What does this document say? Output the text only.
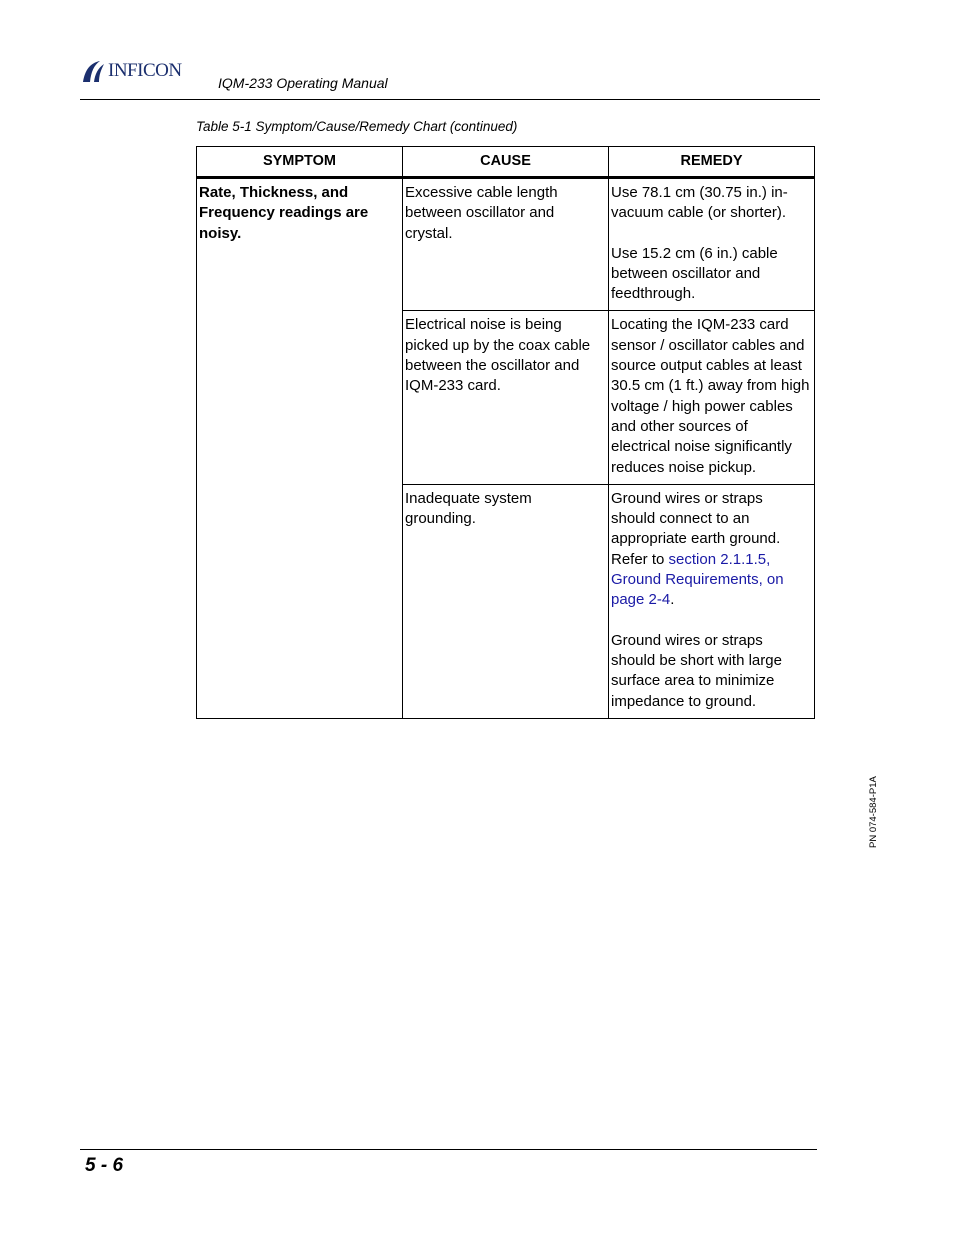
INFICON
IQM-233 Operating Manual
Table 5-1 Symptom/Cause/Remedy Chart (continued)
SYMPTOM	CAUSE	REMEDY
Rate, Thickness, and Frequency readings are noisy.	Excessive cable length between oscillator and crystal.	Use 78.1 cm (30.75 in.) in-vacuum cable (or shorter).
Use 15.2 cm (6 in.) cable between oscillator and feedthrough.

	Electrical noise is being picked up by the coax cable between the oscillator and IQM-233 card.	Locating the IQM-233 card sensor / oscillator cables and source output cables at least 30.5 cm (1 ft.) away from high voltage / high power cables and other sources of electrical noise significantly reduces noise pickup.

	Inadequate system grounding.	Ground wires or straps should connect to an appropriate earth ground. Refer to section 2.1.1.5, Ground Requirements, on page 2-4.
Ground wires or straps should be short with large surface area to minimize impedance to ground.
PN 074-584-P1A
5 - 6
